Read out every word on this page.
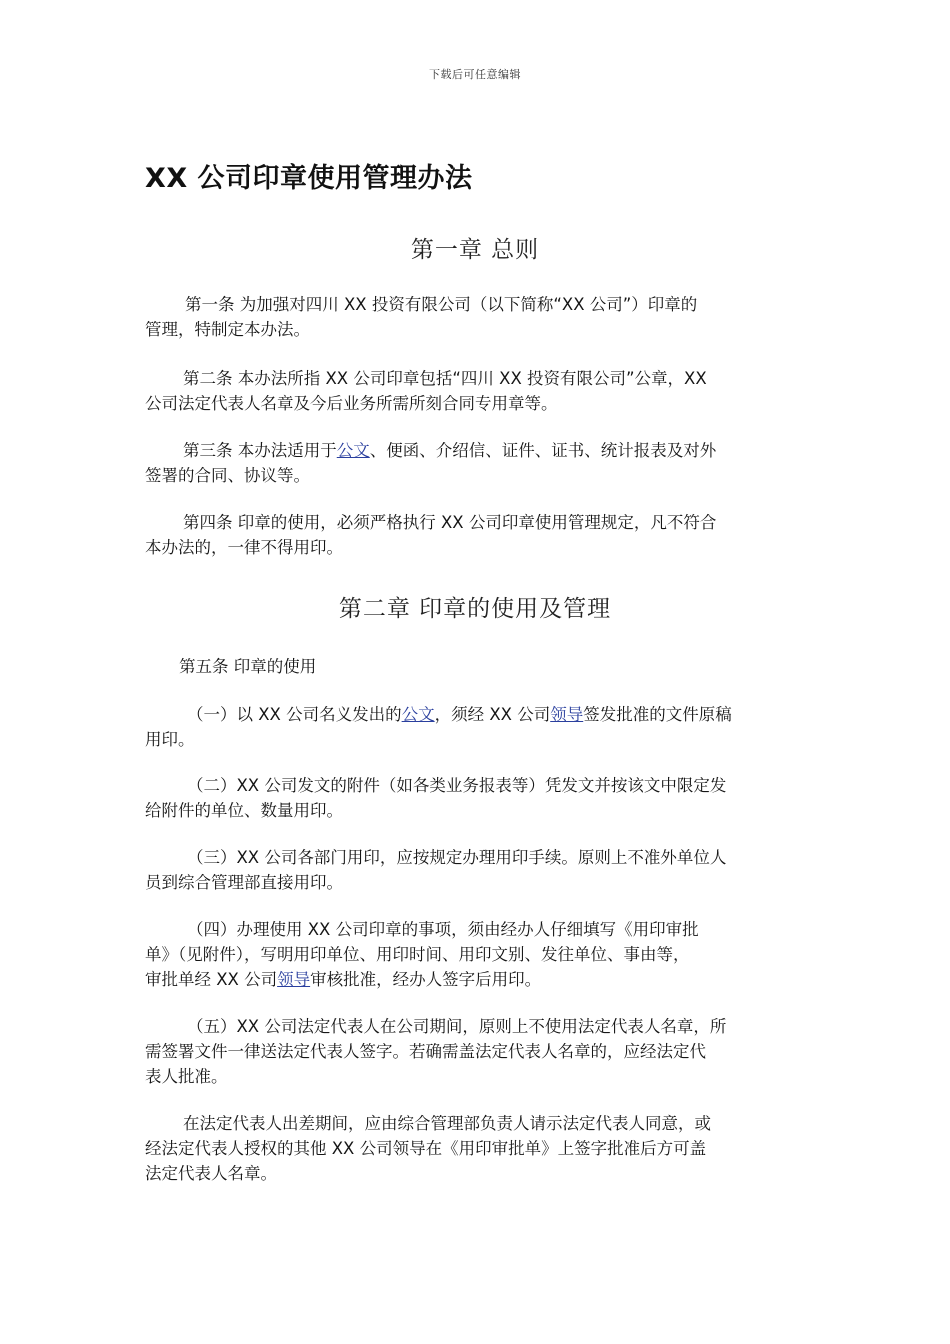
下载后可任意编辑
XX 公司印章使用管理办法
第一章 总则
第一条 为加强对四川 XX 投资有限公司（以下简称“XX 公司”）印章的
管理，特制定本办法。
第二条 本办法所指 XX 公司印章包括“四川 XX 投资有限公司”公章，XX
公司法定代表人名章及今后业务所需所刻合同专用章等。
第三条 本办法适用于公文、便函、介绍信、证件、证书、统计报表及对外
签署的合同、协议等。
第四条 印章的使用，必须严格执行 XX 公司印章使用管理规定，凡不符合
本办法的，一律不得用印。
第二章 印章的使用及管理
第五条 印章的使用
（一）以 XX 公司名义发出的公文，须经 XX 公司领导签发批准的文件原稿
用印。
（二）XX 公司发文的附件（如各类业务报表等）凭发文并按该文中限定发
给附件的单位、数量用印。
（三）XX 公司各部门用印，应按规定办理用印手续。原则上不准外单位人
员到综合管理部直接用印。
（四）办理使用 XX 公司印章的事项，须由经办人仔细填写《用印审批
单》（见附件），写明用印单位、用印时间、用印文别、发往单位、事由等，
审批单经 XX 公司领导审核批准，经办人签字后用印。
（五）XX 公司法定代表人在公司期间，原则上不使用法定代表人名章，所
需签署文件一律送法定代表人签字。若确需盖法定代表人名章的，应经法定代
表人批准。
在法定代表人出差期间，应由综合管理部负责人请示法定代表人同意，或
经法定代表人授权的其他 XX 公司领导在《用印审批单》上签字批准后方可盖
法定代表人名章。
